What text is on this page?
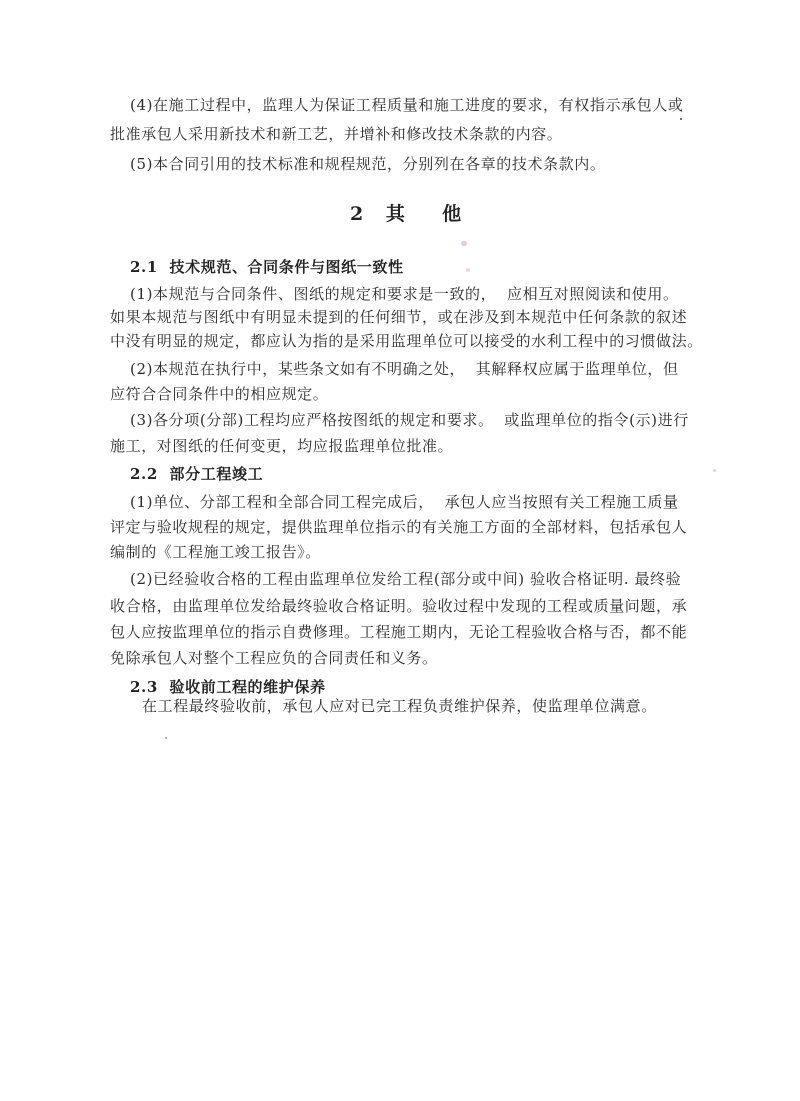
(4)在施工过程中，监理人为保证工程质量和施工进度的要求，有权指示承包人或
批准承包人采用新技术和新工艺，并增补和修改技术条款的内容。
(5)本合同引用的技术标准和规程规范，分别列在各章的技术条款内。
2 其  他
2.1  技术规范、合同条件与图纸一致性
(1)本规范与合同条件、图纸的规定和要求是一致的，  应相互对照阅读和使用。
如果本规范与图纸中有明显未提到的任何细节，或在涉及到本规范中任何条款的叙述
中没有明显的规定，都应认为指的是采用监理单位可以接受的水利工程中的习惯做法。
(2)本规范在执行中，某些条文如有不明确之处，  其解释权应属于监理单位，但
应符合合同条件中的相应规定。
(3)各分项(分部)工程均应严格按图纸的规定和要求。  或监理单位的指令(示)进行
施工，对图纸的任何变更，均应报监理单位批准。
2.2  部分工程竣工
(1)单位、分部工程和全部合同工程完成后，  承包人应当按照有关工程施工质量
评定与验收规程的规定，提供监理单位指示的有关施工方面的全部材料，包括承包人
编制的《工程施工竣工报告》。
(2)已经验收合格的工程由监理单位发给工程(部分或中间) 验收合格证明. 最终验
收合格，由监理单位发给最终验收合格证明。验收过程中发现的工程或质量问题，承
包人应按监理单位的指示自费修理。工程施工期内，无论工程验收合格与否，都不能
免除承包人对整个工程应负的合同责任和义务。
2.3  验收前工程的维护保养
在工程最终验收前，承包人应对已完工程负责维护保养，使监理单位满意。
